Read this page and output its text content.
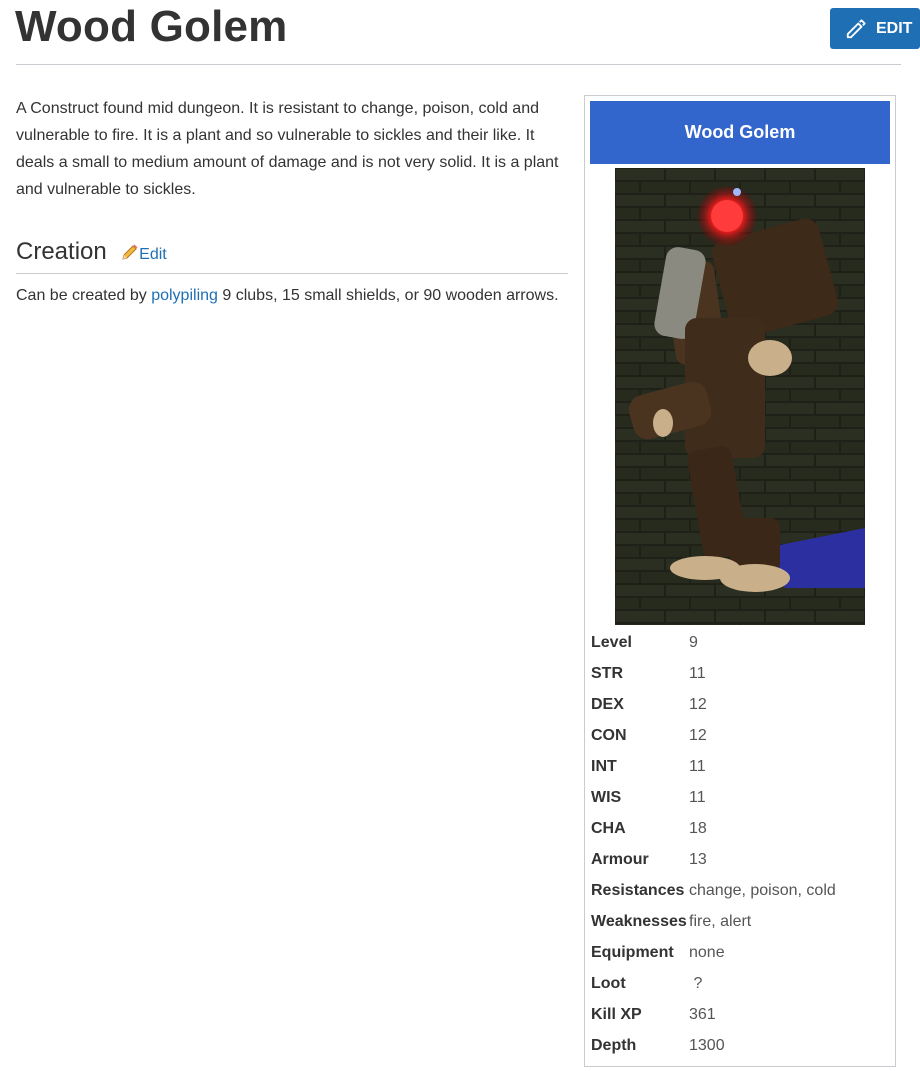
Wood Golem	EDIT

A Construct found mid dungeon. It is resistant to change, poison, cold and vulnerable to fire. It is a plant and so vulnerable to sickles and their like. It deals a small to medium amount of damage and is not very solid. It is a plant and vulnerable to sickles.

Creation Edit

Can be created by polypiling 9 clubs, 15 small shields, or 90 wooden arrows.

Wood Golem
Level	9
STR	11
DEX	12
CON	12
INT	11
WIS	11
CHA	18
Armour	13
Resistances change, poison, cold
Weaknesses fire, alert
Equipment none
Loot	?
Kill XP	361
Depth	1300
